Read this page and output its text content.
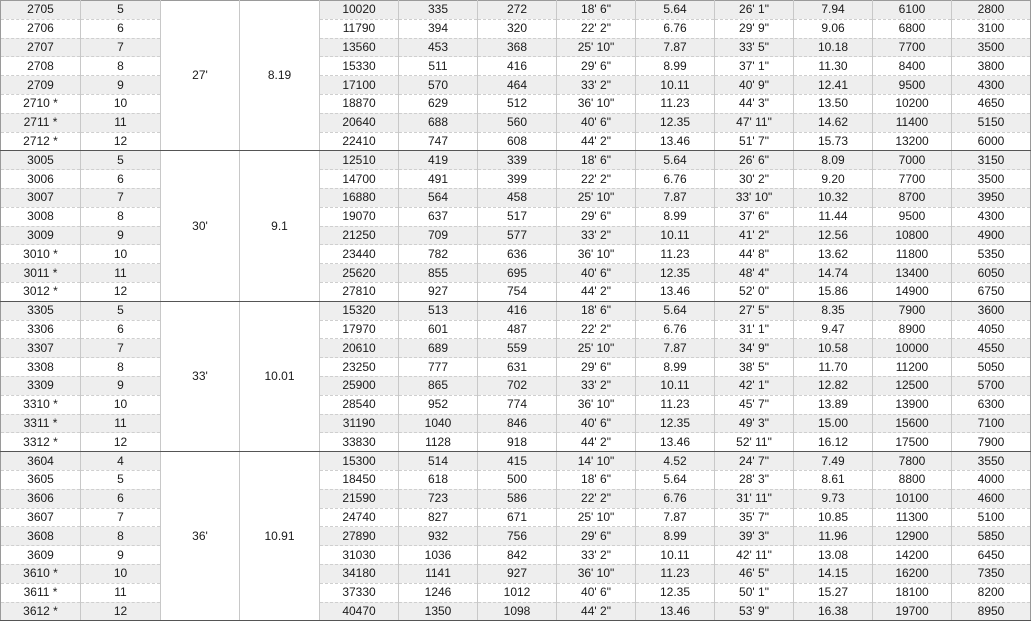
2705	5	27'	8.19	10020	335	272	18' 6"	5.64	26' 1"	7.94	6100	2800
2706	6			11790	394	320	22' 2"	6.76	29' 9"	9.06	6800	3100
2707	7			13560	453	368	25' 10"	7.87	33' 5"	10.18	7700	3500
2708	8			15330	511	416	29' 6"	8.99	37' 1"	11.30	8400	3800
2709	9			17100	570	464	33' 2"	10.11	40' 9"	12.41	9500	4300
2710 *	10			18870	629	512	36' 10"	11.23	44' 3"	13.50	10200	4650
2711 *	11			20640	688	560	40' 6"	12.35	47' 11"	14.62	11400	5150
2712 *	12			22410	747	608	44' 2"	13.46	51' 7"	15.73	13200	6000
3005	5	30'	9.1	12510	419	339	18' 6"	5.64	26' 6"	8.09	7000	3150
3006	6			14700	491	399	22' 2"	6.76	30' 2"	9.20	7700	3500
3007	7			16880	564	458	25' 10"	7.87	33' 10"	10.32	8700	3950
3008	8			19070	637	517	29' 6"	8.99	37' 6"	11.44	9500	4300
3009	9			21250	709	577	33' 2"	10.11	41' 2"	12.56	10800	4900
3010 *	10			23440	782	636	36' 10"	11.23	44' 8"	13.62	11800	5350
3011 *	11			25620	855	695	40' 6"	12.35	48' 4"	14.74	13400	6050
3012 *	12			27810	927	754	44' 2"	13.46	52' 0"	15.86	14900	6750
3305	5	33'	10.01	15320	513	416	18' 6"	5.64	27' 5"	8.35	7900	3600
3306	6			17970	601	487	22' 2"	6.76	31' 1"	9.47	8900	4050
3307	7			20610	689	559	25' 10"	7.87	34' 9"	10.58	10000	4550
3308	8			23250	777	631	29' 6"	8.99	38' 5"	11.70	11200	5050
3309	9			25900	865	702	33' 2"	10.11	42' 1"	12.82	12500	5700
3310 *	10			28540	952	774	36' 10"	11.23	45' 7"	13.89	13900	6300
3311 *	11			31190	1040	846	40' 6"	12.35	49' 3"	15.00	15600	7100
3312 *	12			33830	1128	918	44' 2"	13.46	52' 11"	16.12	17500	7900
3604	4	36'	10.91	15300	514	415	14' 10"	4.52	24' 7"	7.49	7800	3550
3605	5			18450	618	500	18' 6"	5.64	28' 3"	8.61	8800	4000
3606	6			21590	723	586	22' 2"	6.76	31' 11"	9.73	10100	4600
3607	7			24740	827	671	25' 10"	7.87	35' 7"	10.85	11300	5100
3608	8			27890	932	756	29' 6"	8.99	39' 3"	11.96	12900	5850
3609	9			31030	1036	842	33' 2"	10.11	42' 11"	13.08	14200	6450
3610 *	10			34180	1141	927	36' 10"	11.23	46' 5"	14.15	16200	7350
3611 *	11			37330	1246	1012	40' 6"	12.35	50' 1"	15.27	18100	8200
3612 *	12			40470	1350	1098	44' 2"	13.46	53' 9"	16.38	19700	8950
